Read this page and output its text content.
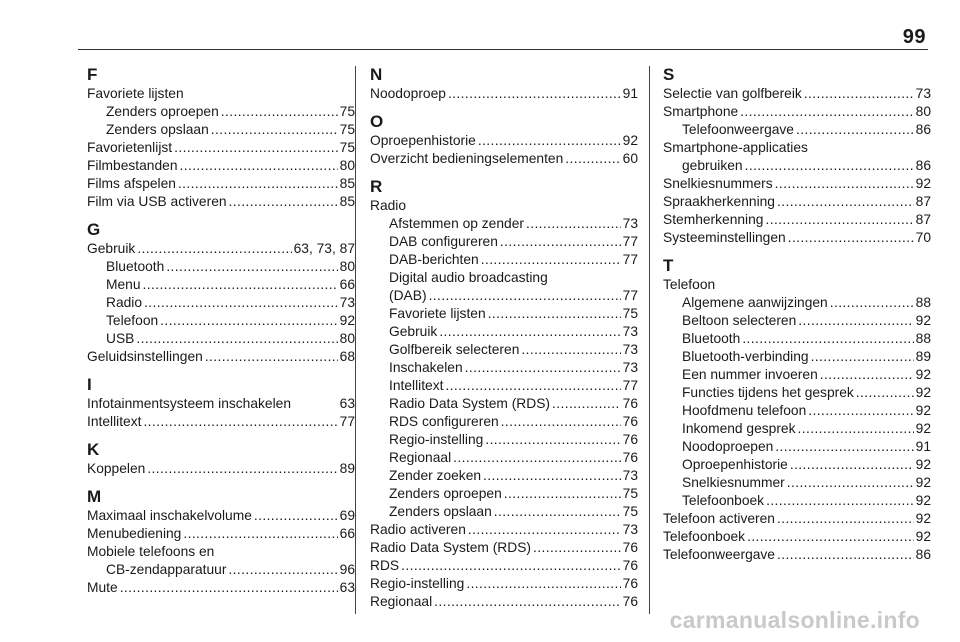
99
F
Favoriete lijsten
Zenders oproepen .....	75
Zenders opslaan .....	75
Favorietenlijst .....	75
Filmbestanden .....	80
Films afspelen .....	85
Film via USB activeren .....	85
G
Gebruik .....	63, 73, 87
Bluetooth .....	80
Menu .....	66
Radio .....	73
Telefoon .....	92
USB .....	80
Geluidsinstellingen .....	68
I
Infotainmentsysteem inschakelen	63
Intellitext .....	77
K
Koppelen .....	89
M
Maximaal inschakelvolume .....	69
Menubediening .....	66
Mobiele telefoons en
CB-zendapparatuur .....	96
Mute .....	63
N
Noodoproep .....	91
O
Oproepenhistorie .....	92
Overzicht bedieningselementen .....	60
R
Radio
Afstemmen op zender .....	73
DAB configureren .....	77
DAB-berichten .....	77
Digital audio broadcasting
(DAB) .....	77
Favoriete lijsten .....	75
Gebruik .....	73
Golfbereik selecteren .....	73
Inschakelen .....	73
Intellitext .....	77
Radio Data System (RDS) .....	76
RDS configureren .....	76
Regio-instelling .....	76
Regionaal .....	76
Zender zoeken .....	73
Zenders oproepen .....	75
Zenders opslaan .....	75
Radio activeren .....	73
Radio Data System (RDS) .....	76
RDS .....	76
Regio-instelling .....	76
Regionaal .....	76
S
Selectie van golfbereik .....	73
Smartphone .....	80
Telefoonweergave .....	86
Smartphone-applicaties
gebruiken .....	86
Snelkiesnummers .....	92
Spraakherkenning .....	87
Stemherkenning .....	87
Systeeminstellingen .....	70
T
Telefoon
Algemene aanwijzingen .....	88
Beltoon selecteren .....	92
Bluetooth .....	88
Bluetooth-verbinding .....	89
Een nummer invoeren .....	92
Functies tijdens het gesprek .....	92
Hoofdmenu telefoon .....	92
Inkomend gesprek .....	92
Noodoproepen .....	91
Oproepenhistorie .....	92
Snelkiesnummer .....	92
Telefoonboek .....	92
Telefoon activeren .....	92
Telefoonboek .....	92
Telefoonweergave .....	86
carmanualsonline.info
